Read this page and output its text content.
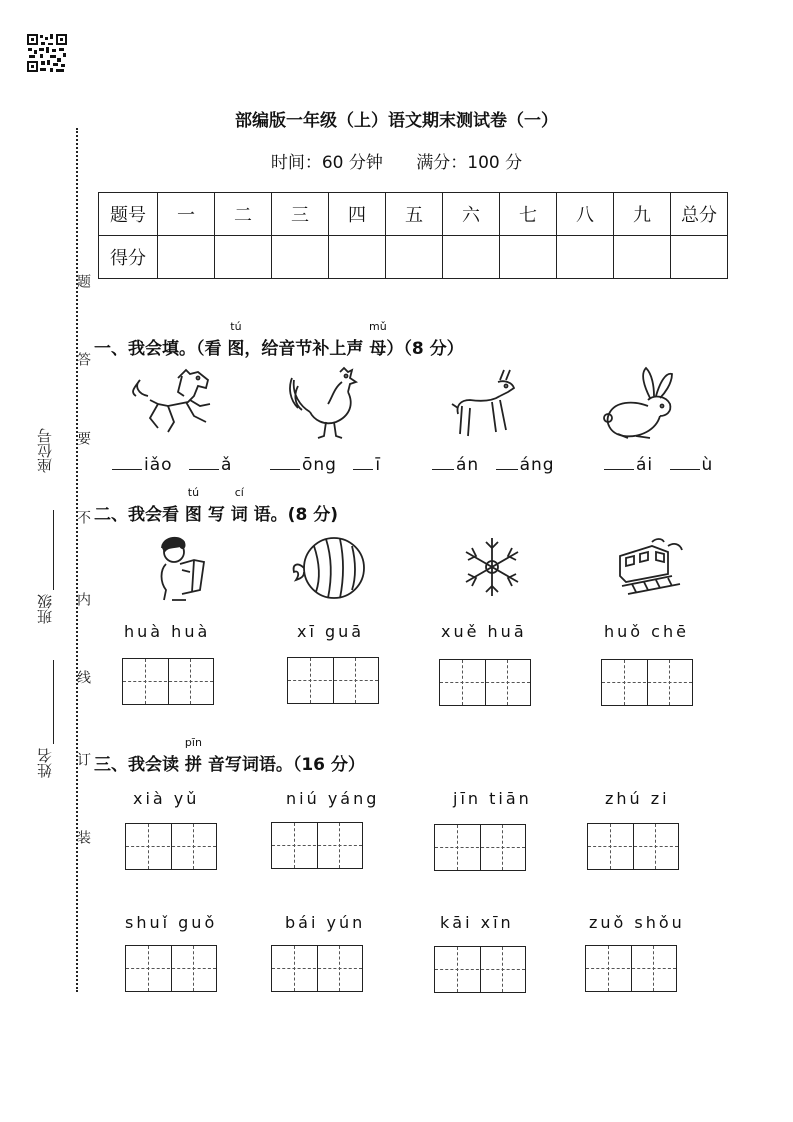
题
答
要
不
内
线
订
装
座位号
班级
姓名
部编版一年级（上）语文期末测试卷（一）
时间：60 分钟 满分：100 分
题号	一	二	三	四	五	六	七	八	九	总分
得分										
一、我会填。（看
tú
图，给音节补上声
mǔ
母）（8 分）
iǎo	ǎ	ōng ī	án áng	ái	ù
二、我会看
tú
图 写
cí
词 语。(8 分)
huà huà	xī guā	xuě huā	huǒ chē
三、我会读
pīn
拼 音写词语。（16 分）
xià yǔ	niú yáng	jīn tiān	zhú zi
shuǐ guǒ	bái yún	kāi xīn	zuǒ shǒu
